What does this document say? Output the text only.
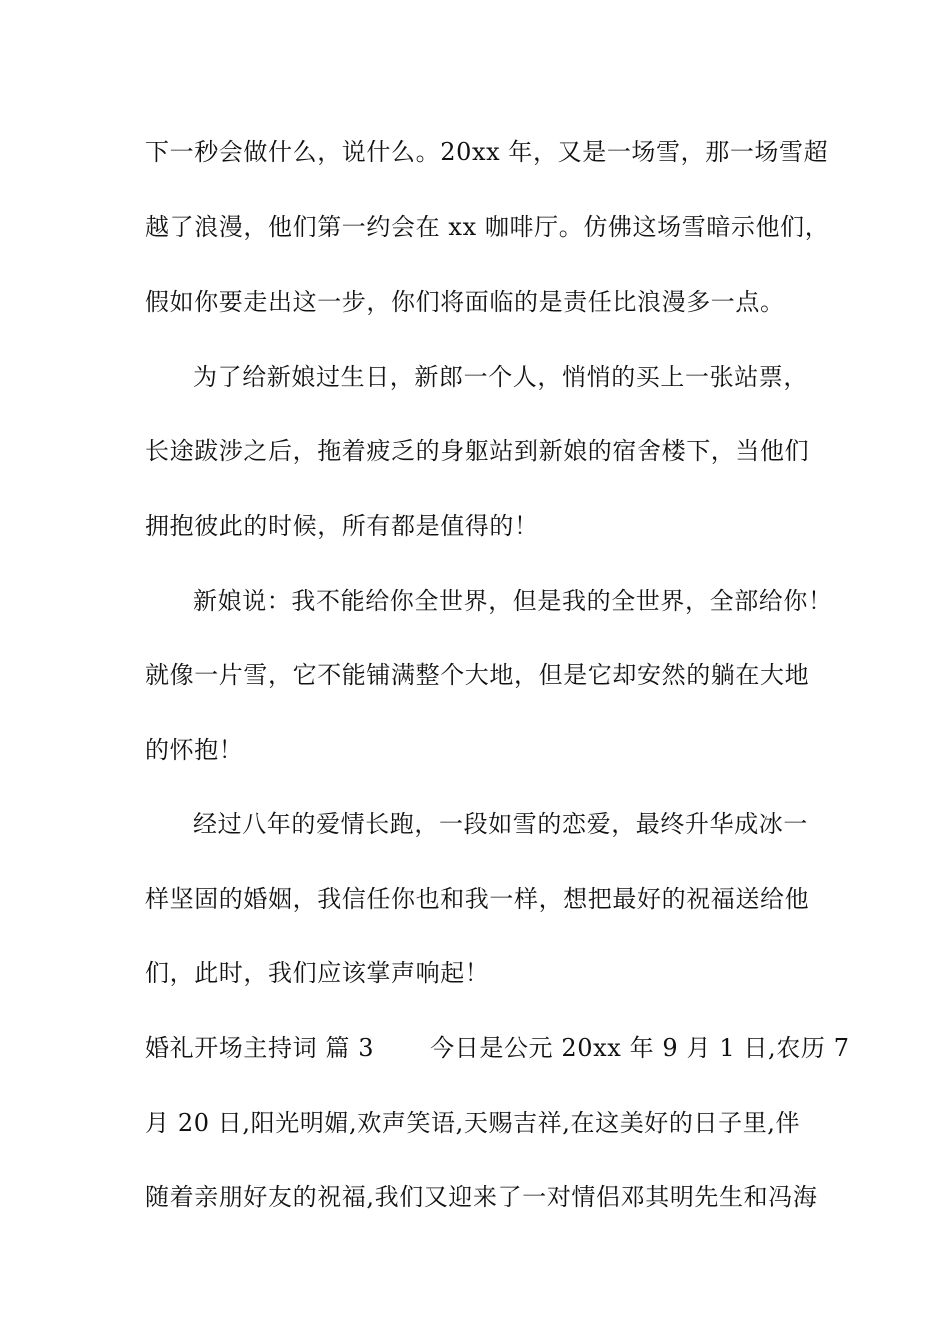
下一秒会做什么，说什么。20xx 年，又是一场雪，那一场雪超
越了浪漫，他们第一约会在 xx 咖啡厅。仿佛这场雪暗示他们，
假如你要走出这一步，你们将面临的是责任比浪漫多一点。
为了给新娘过生日，新郎一个人，悄悄的买上一张站票，
长途跋涉之后，拖着疲乏的身躯站到新娘的宿舍楼下，当他们
拥抱彼此的时候，所有都是值得的！
新娘说：我不能给你全世界，但是我的全世界，全部给你！
就像一片雪，它不能铺满整个大地，但是它却安然的躺在大地
的怀抱！
经过八年的爱情长跑，一段如雪的恋爱，最终升华成冰一
样坚固的婚姻，我信任你也和我一样，想把最好的祝福送给他
们，此时，我们应该掌声响起！
婚礼开场主持词 篇 3 今日是公元 20xx 年 9 月 1 日,农历 7
月 20 日,阳光明媚,欢声笑语,天赐吉祥,在这美好的日子里,伴
随着亲朋好友的祝福,我们又迎来了一对情侣邓其明先生和冯海
